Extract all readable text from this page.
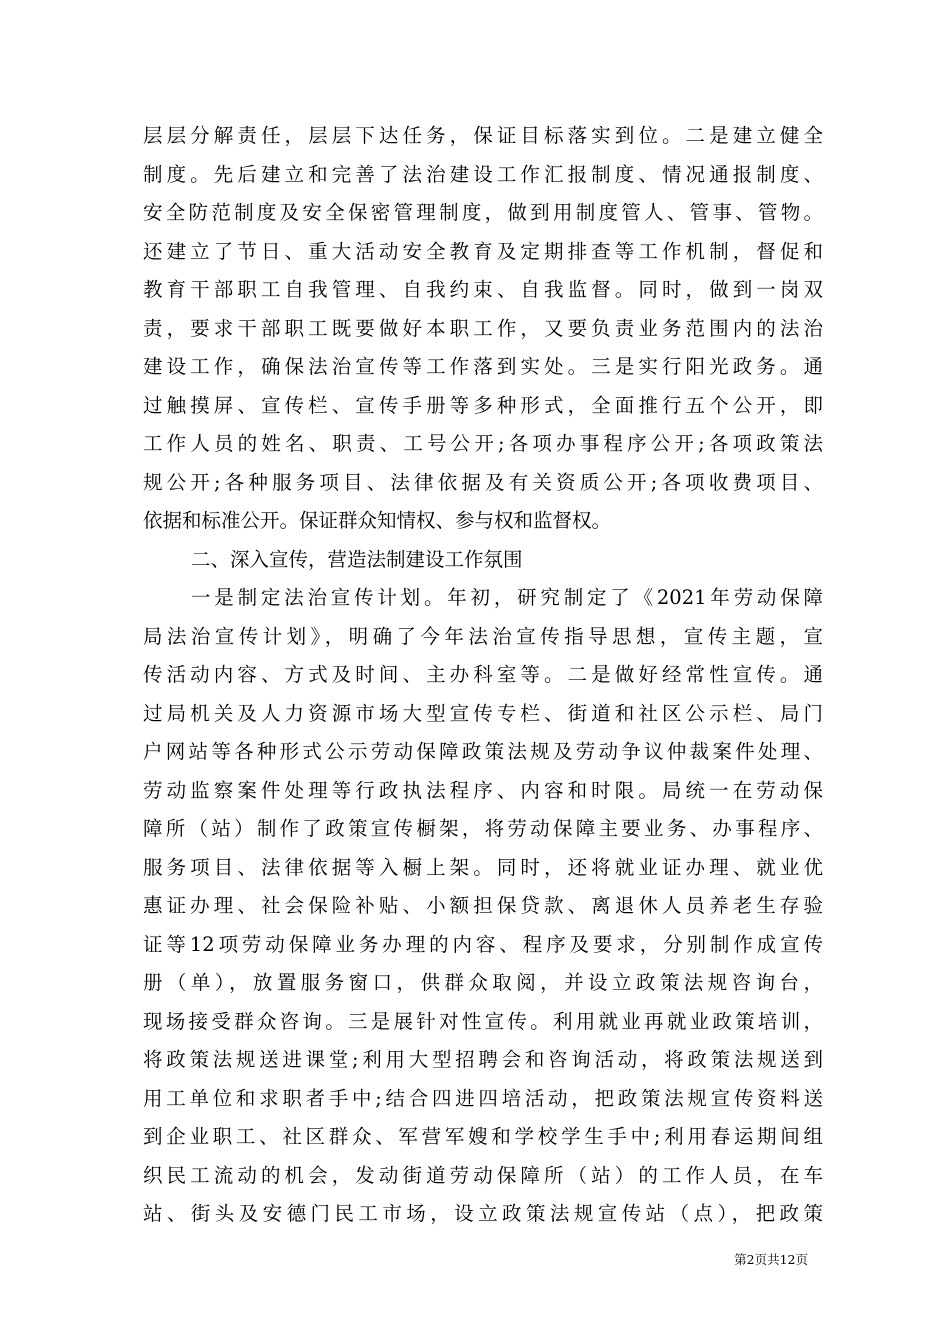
层层分解责任，层层下达任务，保证目标落实到位。二是建立健全
制度。先后建立和完善了法治建设工作汇报制度、情况通报制度、
安全防范制度及安全保密管理制度，做到用制度管人、管事、管物。
还建立了节日、重大活动安全教育及定期排查等工作机制，督促和
教育干部职工自我管理、自我约束、自我监督。同时，做到一岗双
责，要求干部职工既要做好本职工作，又要负责业务范围内的法治
建设工作，确保法治宣传等工作落到实处。三是实行阳光政务。通
过触摸屏、宣传栏、宣传手册等多种形式，全面推行五个公开，即
工作人员的姓名、职责、工号公开;各项办事程序公开;各项政策法
规公开;各种服务项目、法律依据及有关资质公开;各项收费项目、
依据和标准公开。保证群众知情权、参与权和监督权。
二、深入宣传，营造法制建设工作氛围
一是制定法治宣传计划。年初，研究制定了《2021年劳动保障
局法治宣传计划》，明确了今年法治宣传指导思想，宣传主题，宣
传活动内容、方式及时间、主办科室等。二是做好经常性宣传。通
过局机关及人力资源市场大型宣传专栏、街道和社区公示栏、局门
户网站等各种形式公示劳动保障政策法规及劳动争议仲裁案件处理、
劳动监察案件处理等行政执法程序、内容和时限。局统一在劳动保
障所（站）制作了政策宣传橱架，将劳动保障主要业务、办事程序、
服务项目、法律依据等入橱上架。同时，还将就业证办理、就业优
惠证办理、社会保险补贴、小额担保贷款、离退休人员养老生存验
证等12项劳动保障业务办理的内容、程序及要求，分别制作成宣传
册（单），放置服务窗口，供群众取阅，并设立政策法规咨询台，
现场接受群众咨询。三是展针对性宣传。利用就业再就业政策培训，
将政策法规送进课堂;利用大型招聘会和咨询活动，将政策法规送到
用工单位和求职者手中;结合四进四培活动，把政策法规宣传资料送
到企业职工、社区群众、军营军嫂和学校学生手中;利用春运期间组
织民工流动的机会，发动街道劳动保障所（站）的工作人员，在车
站、街头及安德门民工市场，设立政策法规宣传站（点），把政策
第2页共12页
